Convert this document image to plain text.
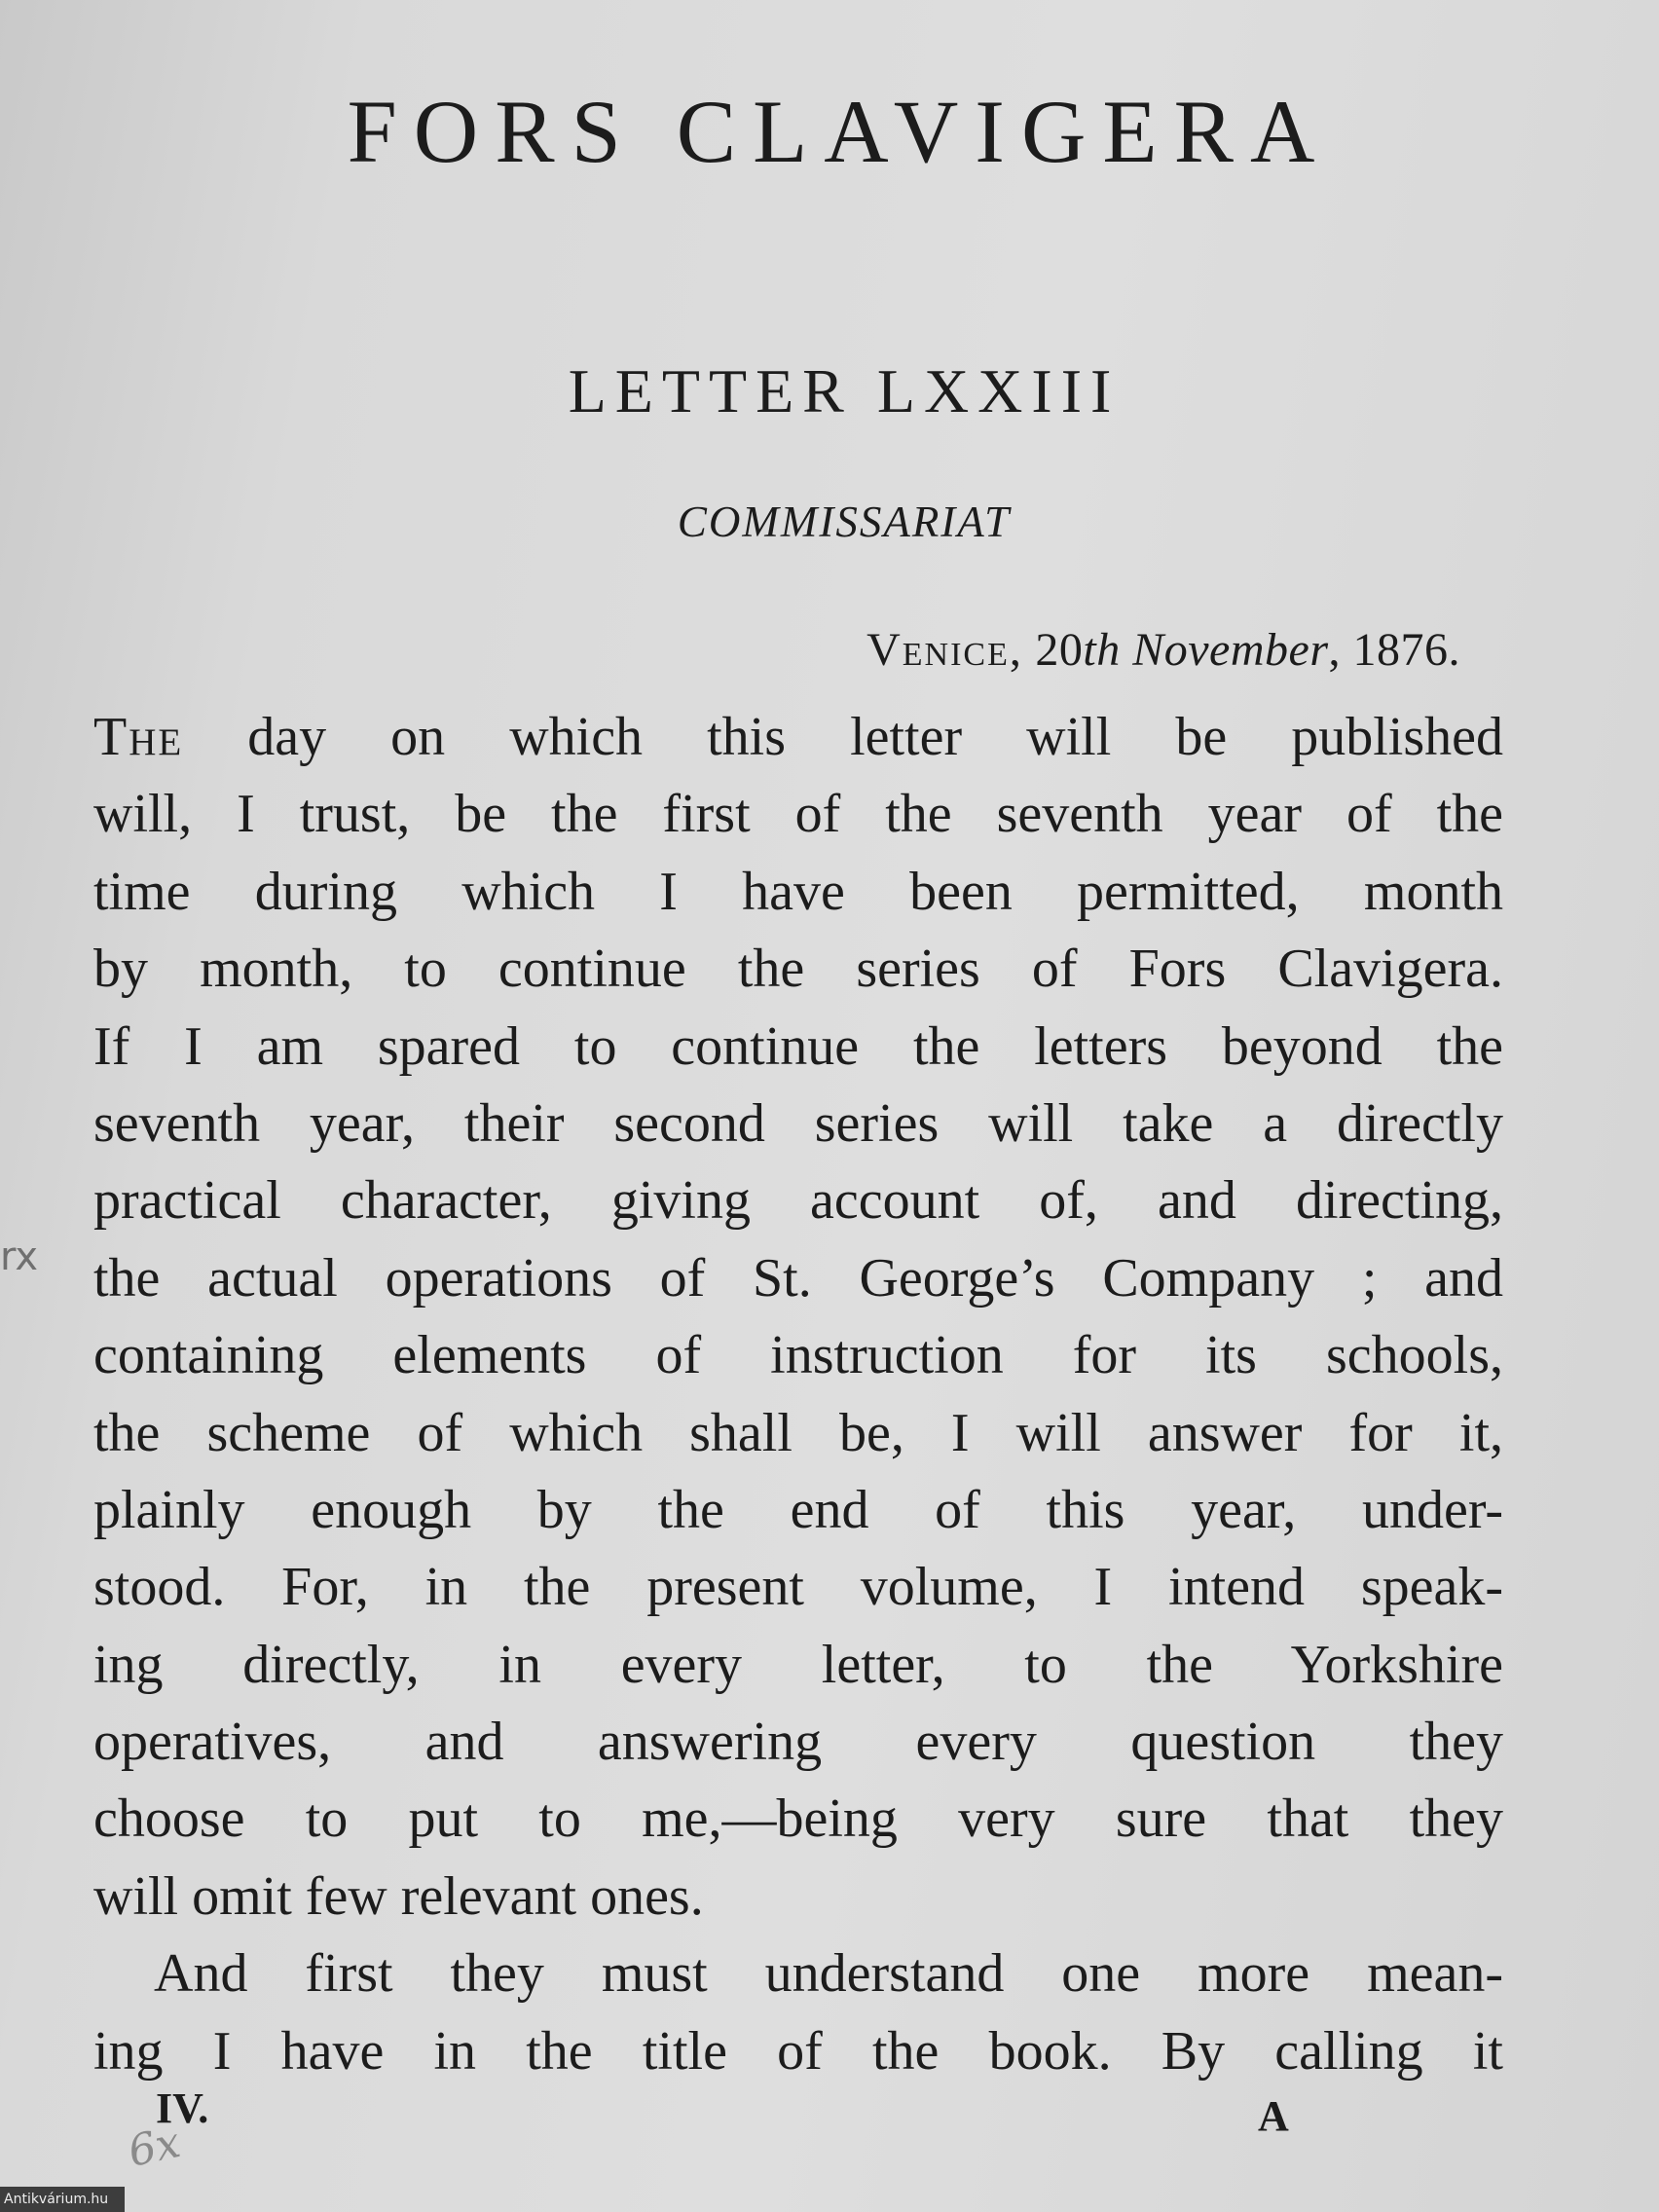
FORS CLAVIGERA
LETTER LXXIII

COMMISSARIAT

Venice, 20th November, 1876.

The day on which this letter will be published
will, I trust, be the first of the seventh year of the
time during which I have been permitted, month
by month, to continue the series of Fors Clavigera.
If I am spared to continue the letters beyond the
seventh year, their second series will take a directly
practical character, giving account of, and directing,
the actual operations of St. George’s Company ; and
containing elements of instruction for its schools,
the scheme of which shall be, I will answer for it,
plainly enough by the end of this year, under-
stood. For, in the present volume, I intend speak-
ing directly, in every letter, to the Yorkshire
operatives, and answering every question they
choose to put to me,—being very sure that they
will omit few relevant ones.
And first they must understand one more mean-
ing I have in the title of the book. By calling it
IV.	A
rx
6x
Antikvárium.hu
